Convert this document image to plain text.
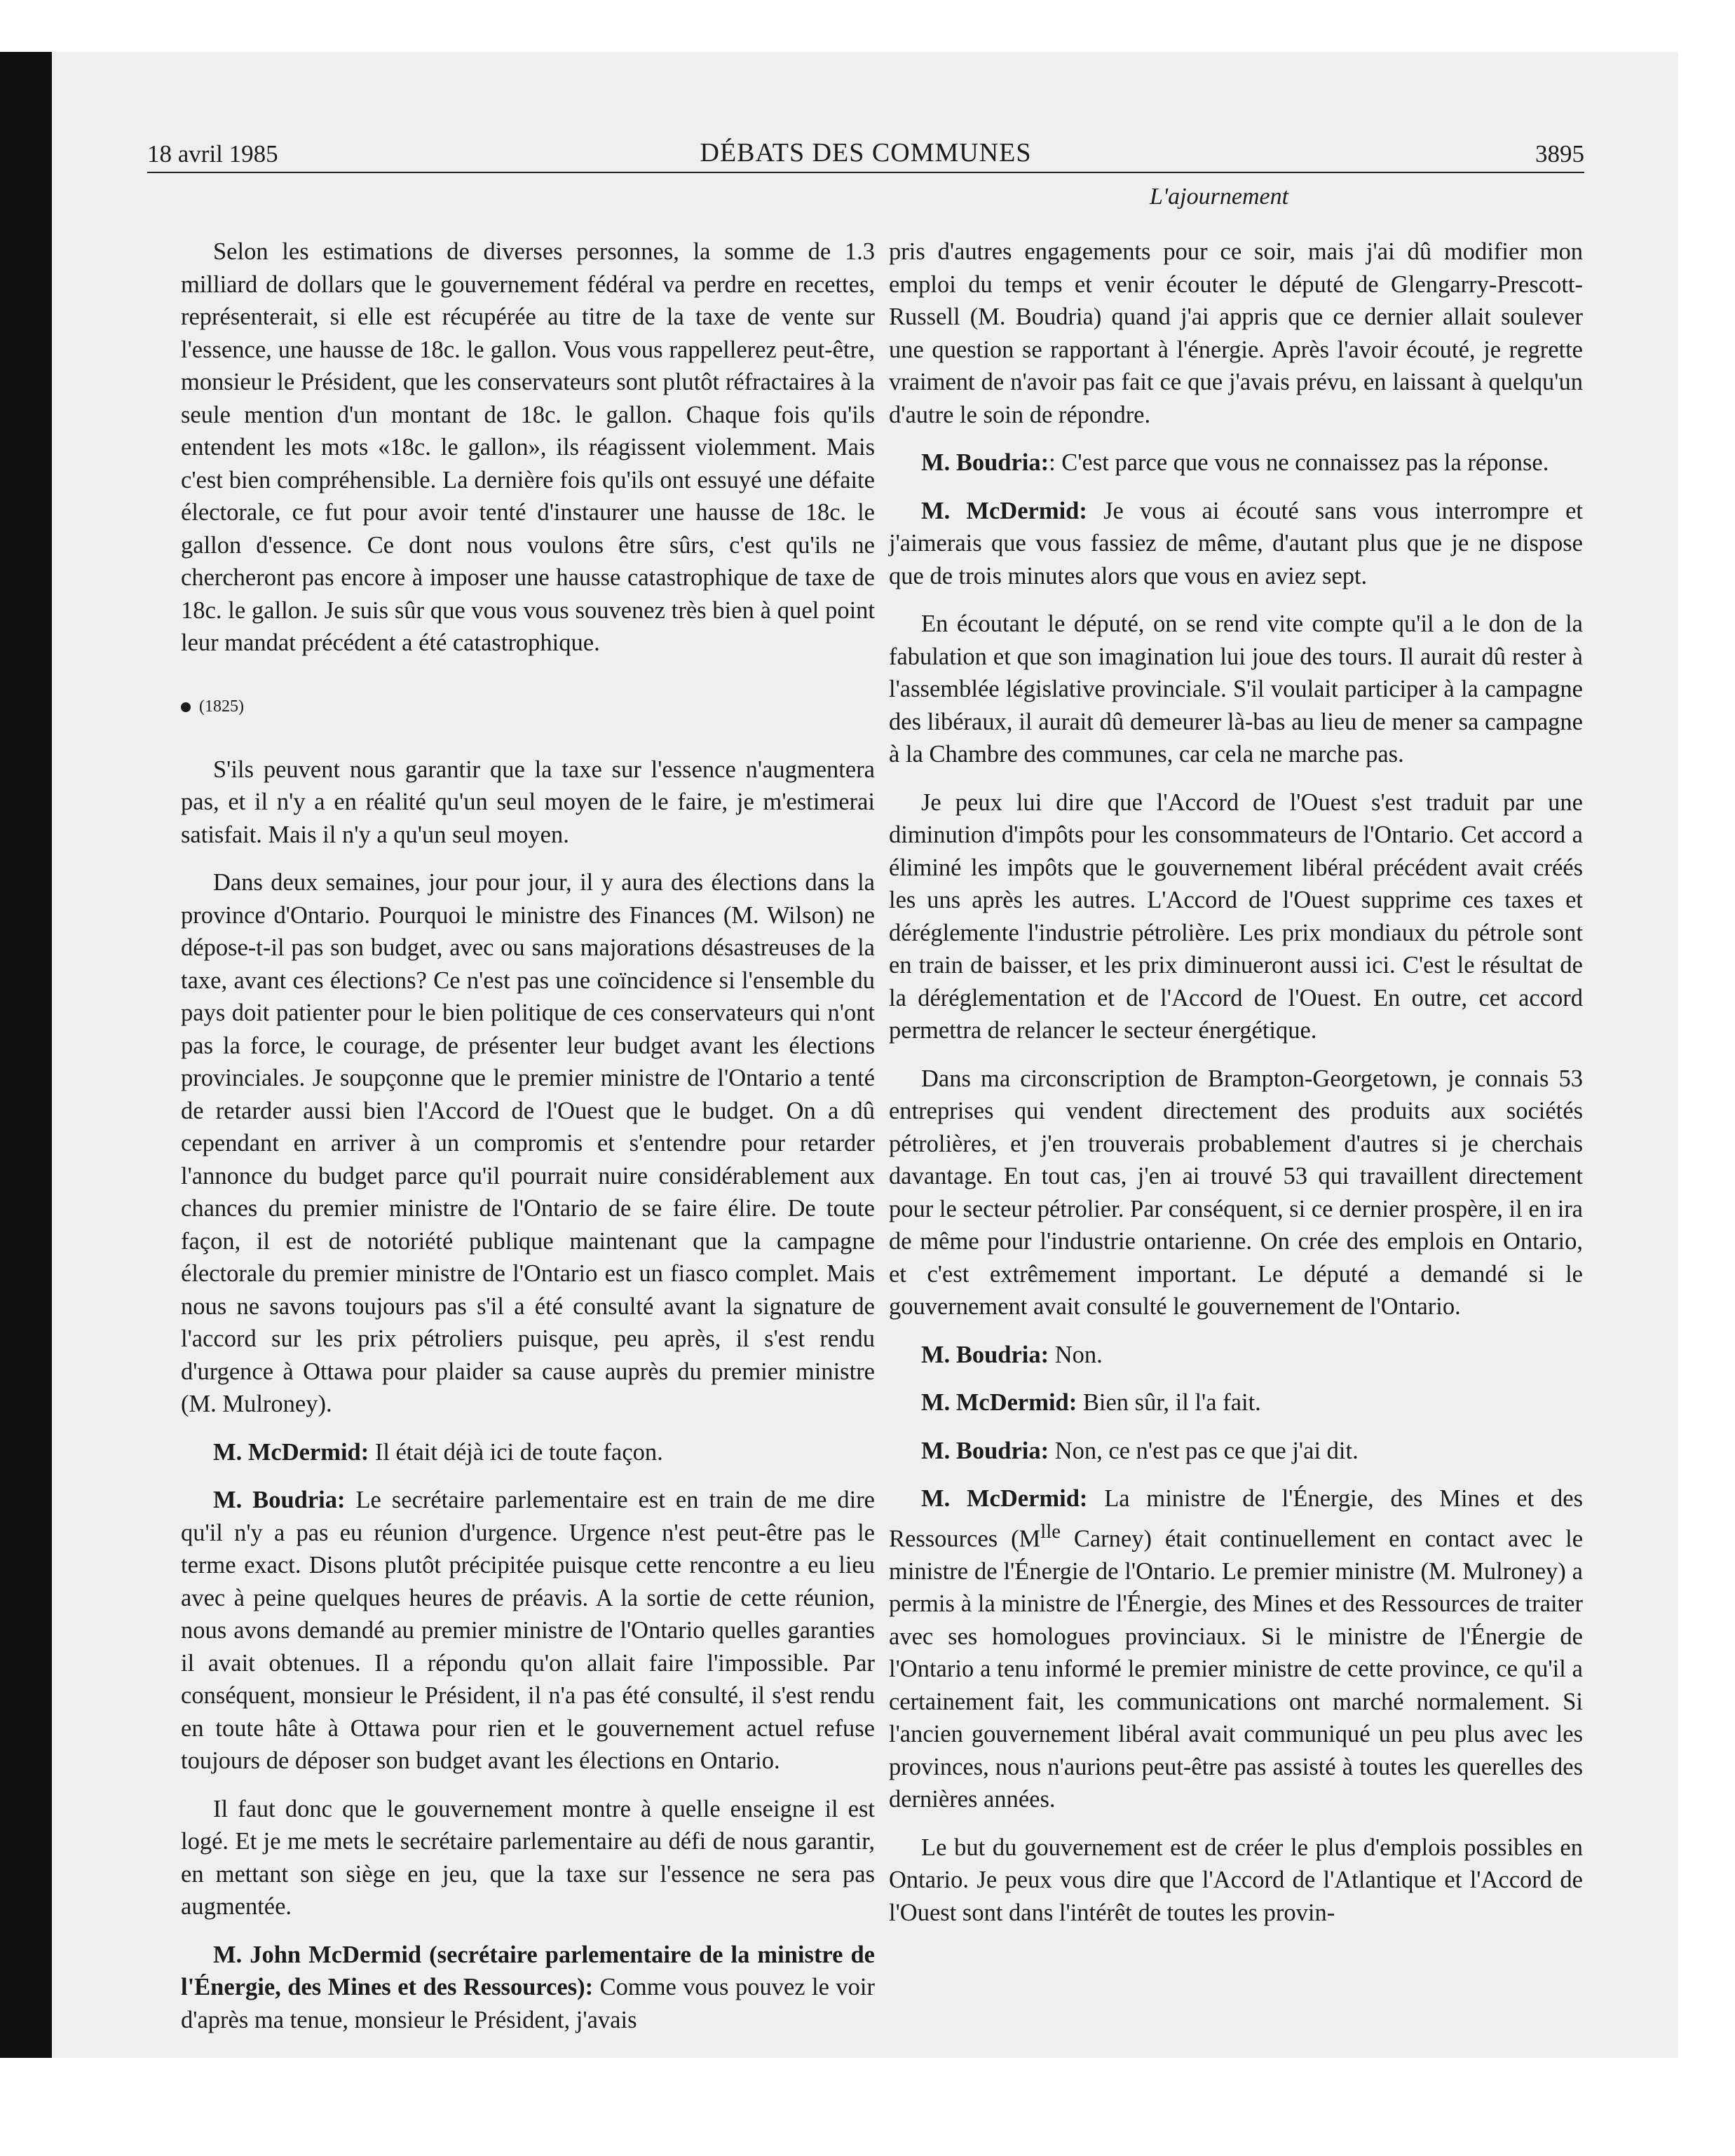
18 avril 1985	DÉBATS DES COMMUNES	3895
L'ajournement

Selon les estimations de diverses personnes, la somme de 1.3 milliard de dollars que le gouvernement fédéral va perdre en recettes, représenterait, si elle est récupérée au titre de la taxe de vente sur l'essence, une hausse de 18c. le gallon. Vous vous rappellerez peut-être, monsieur le Président, que les conservateurs sont plutôt réfractaires à la seule mention d'un montant de 18c. le gallon. Chaque fois qu'ils entendent les mots «18c. le gallon», ils réagissent violemment. Mais c'est bien compréhensible. La dernière fois qu'ils ont essuyé une défaite électorale, ce fut pour avoir tenté d'instaurer une hausse de 18c. le gallon d'essence. Ce dont nous voulons être sûrs, c'est qu'ils ne chercheront pas encore à imposer une hausse catastrophique de taxe de 18c. le gallon. Je suis sûr que vous vous souvenez très bien à quel point leur mandat précédent a été catastrophique.

(1825)

S'ils peuvent nous garantir que la taxe sur l'essence n'augmentera pas, et il n'y a en réalité qu'un seul moyen de le faire, je m'estimerai satisfait. Mais il n'y a qu'un seul moyen.

Dans deux semaines, jour pour jour, il y aura des élections dans la province d'Ontario. Pourquoi le ministre des Finances (M. Wilson) ne dépose-t-il pas son budget, avec ou sans majorations désastreuses de la taxe, avant ces élections? Ce n'est pas une coïncidence si l'ensemble du pays doit patienter pour le bien politique de ces conservateurs qui n'ont pas la force, le courage, de présenter leur budget avant les élections provinciales. Je soupçonne que le premier ministre de l'Ontario a tenté de retarder aussi bien l'Accord de l'Ouest que le budget. On a dû cependant en arriver à un compromis et s'entendre pour retarder l'annonce du budget parce qu'il pourrait nuire considérablement aux chances du premier ministre de l'Ontario de se faire élire. De toute façon, il est de notoriété publique maintenant que la campagne électorale du premier ministre de l'Ontario est un fiasco complet. Mais nous ne savons toujours pas s'il a été consulté avant la signature de l'accord sur les prix pétroliers puisque, peu après, il s'est rendu d'urgence à Ottawa pour plaider sa cause auprès du premier ministre (M. Mulroney).

M. McDermid: Il était déjà ici de toute façon.

M. Boudria: Le secrétaire parlementaire est en train de me dire qu'il n'y a pas eu réunion d'urgence. Urgence n'est peut-être pas le terme exact. Disons plutôt précipitée puisque cette rencontre a eu lieu avec à peine quelques heures de préavis. A la sortie de cette réunion, nous avons demandé au premier ministre de l'Ontario quelles garanties il avait obtenues. Il a répondu qu'on allait faire l'impossible. Par conséquent, monsieur le Président, il n'a pas été consulté, il s'est rendu en toute hâte à Ottawa pour rien et le gouvernement actuel refuse toujours de déposer son budget avant les élections en Ontario.

Il faut donc que le gouvernement montre à quelle enseigne il est logé. Et je me mets le secrétaire parlementaire au défi de nous garantir, en mettant son siège en jeu, que la taxe sur l'essence ne sera pas augmentée.

M. John McDermid (secrétaire parlementaire de la ministre de l'Énergie, des Mines et des Ressources): Comme vous pouvez le voir d'après ma tenue, monsieur le Président, j'avais

pris d'autres engagements pour ce soir, mais j'ai dû modifier mon emploi du temps et venir écouter le député de Glengarry-Prescott-Russell (M. Boudria) quand j'ai appris que ce dernier allait soulever une question se rapportant à l'énergie. Après l'avoir écouté, je regrette vraiment de n'avoir pas fait ce que j'avais prévu, en laissant à quelqu'un d'autre le soin de répondre.

M. Boudria:: C'est parce que vous ne connaissez pas la réponse.

M. McDermid: Je vous ai écouté sans vous interrompre et j'aimerais que vous fassiez de même, d'autant plus que je ne dispose que de trois minutes alors que vous en aviez sept.

En écoutant le député, on se rend vite compte qu'il a le don de la fabulation et que son imagination lui joue des tours. Il aurait dû rester à l'assemblée législative provinciale. S'il voulait participer à la campagne des libéraux, il aurait dû demeurer là-bas au lieu de mener sa campagne à la Chambre des communes, car cela ne marche pas.

Je peux lui dire que l'Accord de l'Ouest s'est traduit par une diminution d'impôts pour les consommateurs de l'Ontario. Cet accord a éliminé les impôts que le gouvernement libéral précédent avait créés les uns après les autres. L'Accord de l'Ouest supprime ces taxes et déréglemente l'industrie pétrolière. Les prix mondiaux du pétrole sont en train de baisser, et les prix diminueront aussi ici. C'est le résultat de la déréglementation et de l'Accord de l'Ouest. En outre, cet accord permettra de relancer le secteur énergétique.

Dans ma circonscription de Brampton-Georgetown, je connais 53 entreprises qui vendent directement des produits aux sociétés pétrolières, et j'en trouverais probablement d'autres si je cherchais davantage. En tout cas, j'en ai trouvé 53 qui travaillent directement pour le secteur pétrolier. Par conséquent, si ce dernier prospère, il en ira de même pour l'industrie ontarienne. On crée des emplois en Ontario, et c'est extrêmement important. Le député a demandé si le gouvernement avait consulté le gouvernement de l'Ontario.

M. Boudria: Non.

M. McDermid: Bien sûr, il l'a fait.

M. Boudria: Non, ce n'est pas ce que j'ai dit.

M. McDermid: La ministre de l'Énergie, des Mines et des Ressources ($M^{lle}$ Carney) était continuellement en contact avec le ministre de l'Énergie de l'Ontario. Le premier ministre (M. Mulroney) a permis à la ministre de l'Énergie, des Mines et des Ressources de traiter avec ses homologues provinciaux. Si le ministre de l'Énergie de l'Ontario a tenu informé le premier ministre de cette province, ce qu'il a certainement fait, les communications ont marché normalement. Si l'ancien gouvernement libéral avait communiqué un peu plus avec les provinces, nous n'aurions peut-être pas assisté à toutes les querelles des dernières années.

Le but du gouvernement est de créer le plus d'emplois possibles en Ontario. Je peux vous dire que l'Accord de l'Atlantique et l'Accord de l'Ouest sont dans l'intérêt de toutes les provin-
